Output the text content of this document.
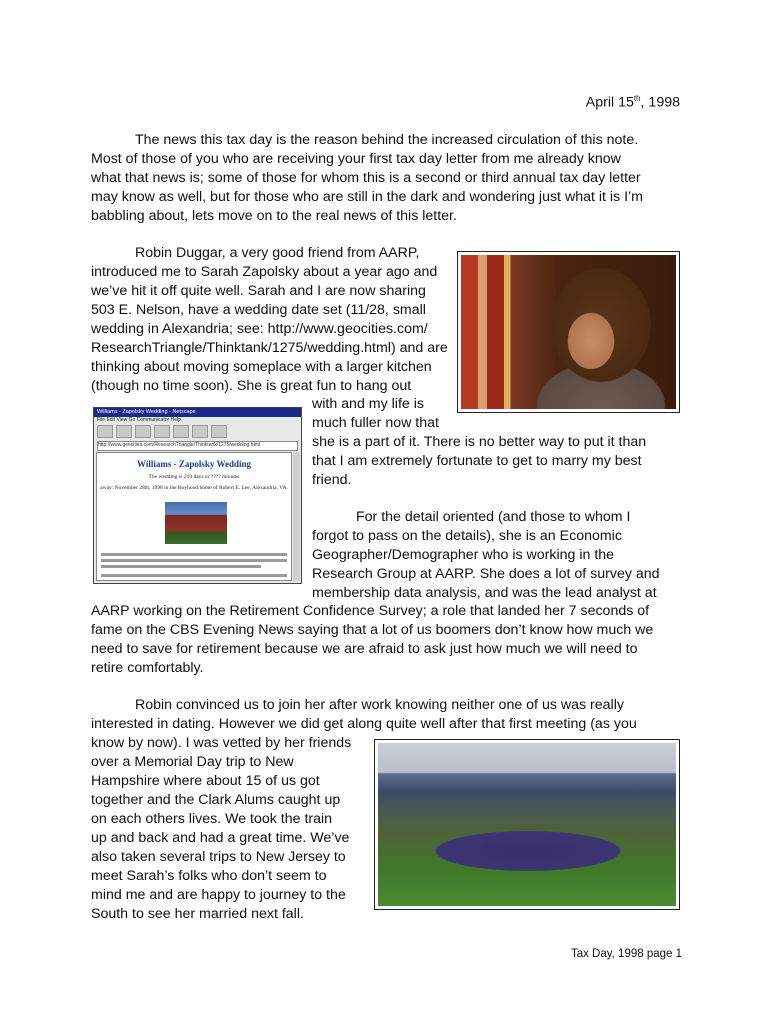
April 15th, 1998
The news this tax day is the reason behind the increased circulation of this note.
Most of those of you who are receiving your first tax day letter from me already know
what that news is; some of those for whom this is a second or third annual tax day letter
may know as well, but for those who are still in the dark and wondering just what it is I’m
babbling about, lets move on to the real news of this letter.
Robin Duggar, a very good friend from AARP,
introduced me to Sarah Zapolsky about a year ago and
we’ve hit it off quite well. Sarah and I are now sharing
503 E. Nelson, have a wedding date set (11/28, small
wedding in Alexandria; see: http://www.geocities.com/
ResearchTriangle/Thinktank/1275/wedding.html) and are
thinking about moving someplace with a larger kitchen
(though no time soon). She is great fun to hang out
with and my life is
much fuller now that
she is a part of it. There is no better way to put it than
that I am extremely fortunate to get to marry my best
friend.
For the detail oriented (and those to whom I
forgot to pass on the details), she is an Economic
Geographer/Demographer who is working in the
Research Group at AARP. She does a lot of survey and
membership data analysis, and was the lead analyst at
AARP working on the Retirement Confidence Survey; a role that landed her 7 seconds of
fame on the CBS Evening News saying that a lot of us boomers don’t know how much we
need to save for retirement because we are afraid to ask just how much we will need to
retire comfortably.
Robin convinced us to join her after work knowing neither one of us was really
interested in dating. However we did get along quite well after that first meeting (as you
know by now). I was vetted by her friends
over a Memorial Day trip to New
Hampshire where about 15 of us got
together and the Clark Alums caught up
on each others lives. We took the train
up and back and had a great time. We’ve
also taken several trips to New Jersey to
meet Sarah’s folks who don’t seem to
mind me and are happy to journey to the
South to see her married next fall.
Williams - Zapolsky Wedding - Netscape
File Edit View Go Communicator Help
http://www.geocities.com/ResearchTriangle/Thinktank/1275/wedding.html
Williams - Zapolsky Wedding
The wedding is 210 days or ???? minutes
away: November 28th, 1998 in the Boyhood home of Robert E. Lee, Alexandria, VA.
Tax Day, 1998 page 1
